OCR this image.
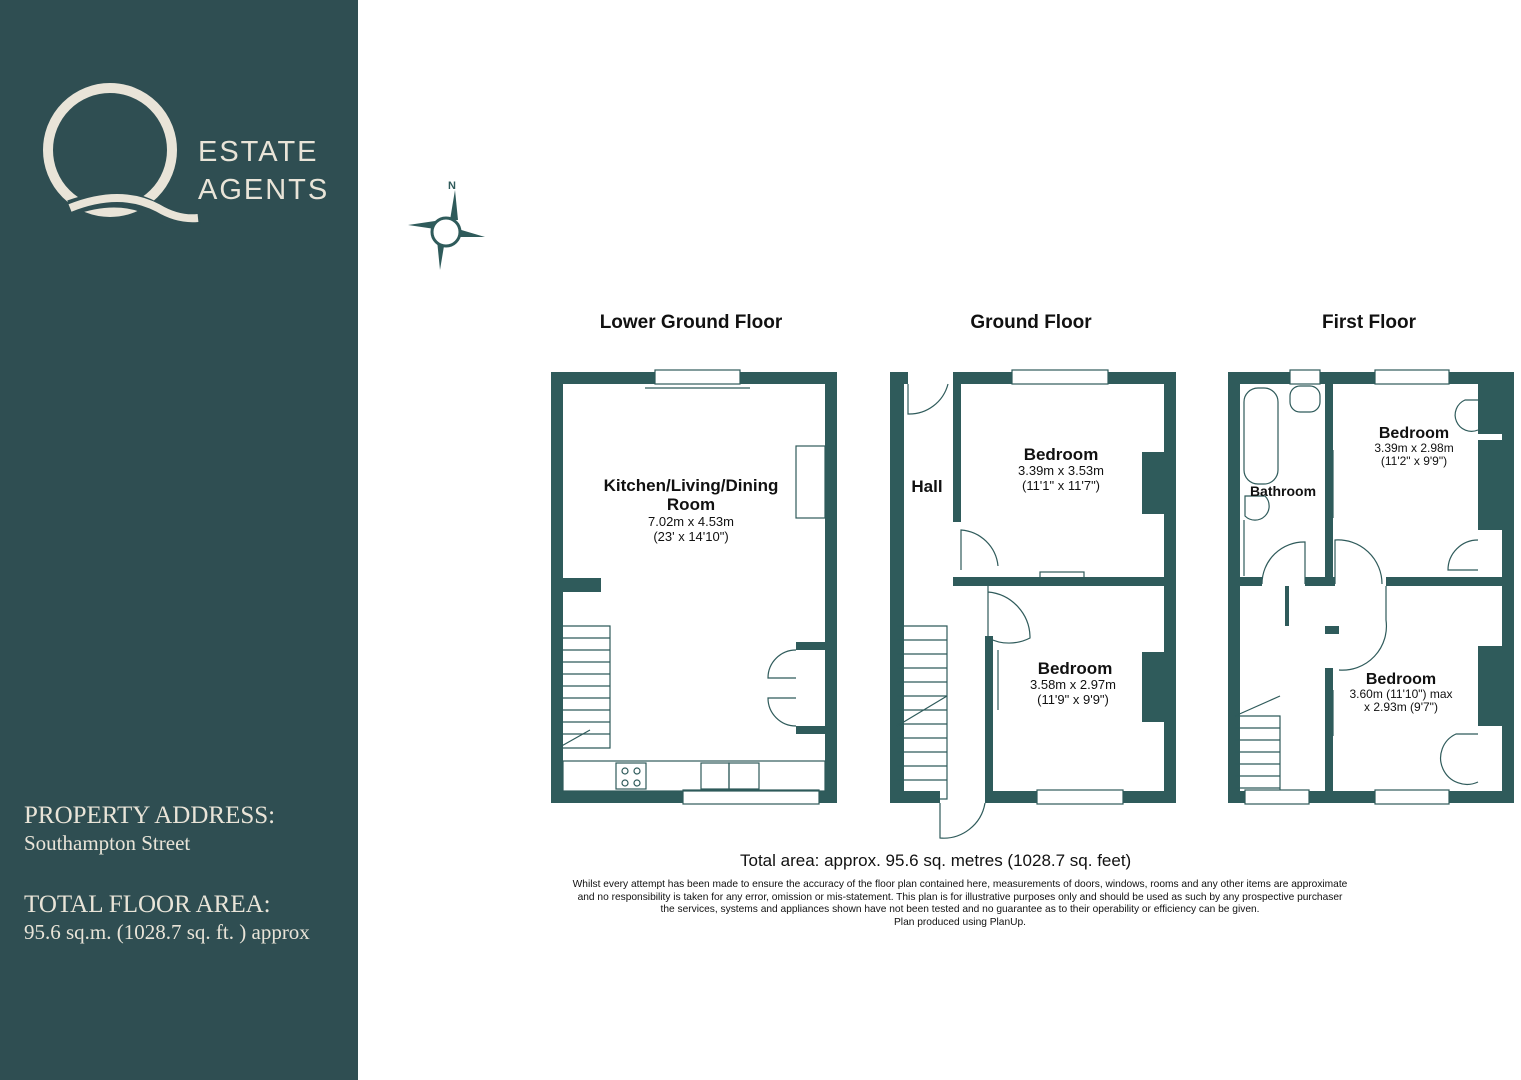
ESTATE
AGENTS
PROPERTY ADDRESS:
Southampton Street
TOTAL FLOOR AREA:
95.6 sq.m. (1028.7 sq. ft. ) approx
N
Lower Ground Floor	Ground Floor	First Floor
Kitchen/Living/Dining
Room
7.02m x 4.53m
(23' x 14'10")
Hall
Bedroom
3.39m x 3.53m
(11'1" x 11'7")
Bedroom
3.58m x 2.97m
(11'9" x 9'9")
Bathroom
Bedroom
3.39m x 2.98m
(11'2" x 9'9")
Bedroom
3.60m (11'10") max
x 2.93m (9'7")
Total area: approx. 95.6 sq. metres (1028.7 sq. feet)
Whilst every attempt has been made to ensure the accuracy of the floor plan contained here, measurements of doors, windows, rooms and any other items are approximate and no responsibility is taken for any error, omission or mis-statement. This plan is for illustrative purposes only and should be used as such by any prospective purchaser the services, systems and appliances shown have not been tested and no guarantee as to their operability or efficiency can be given.
Plan produced using PlanUp.
